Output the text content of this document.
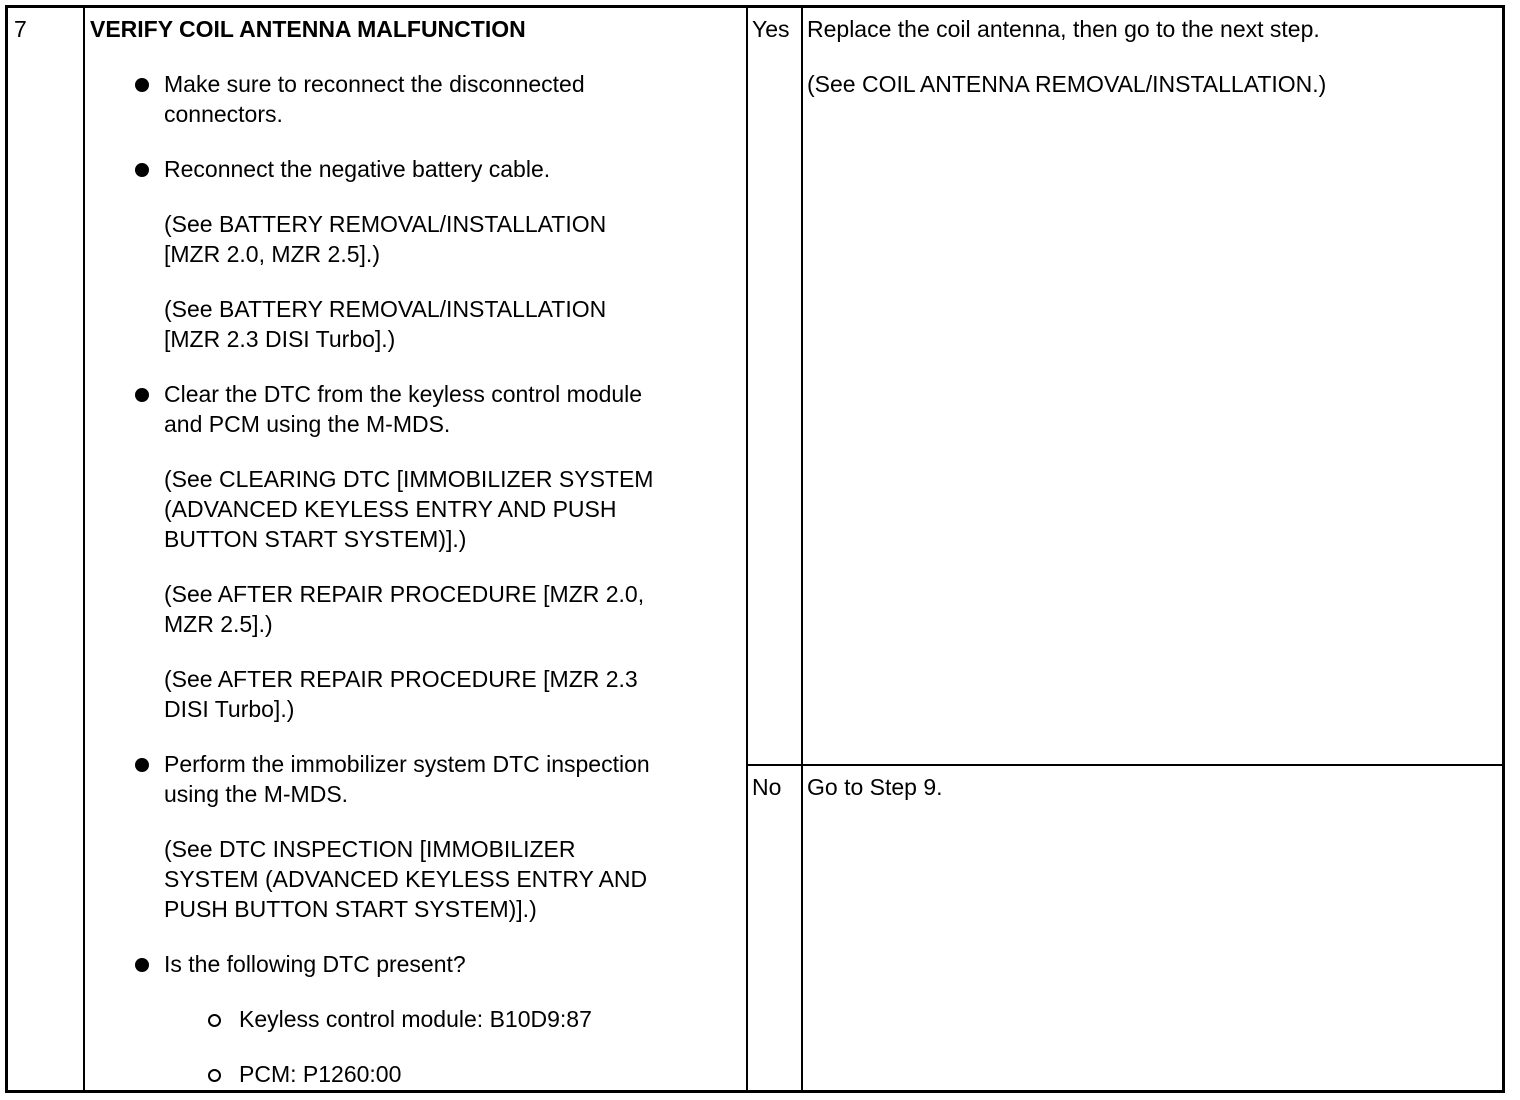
7	VERIFY COIL ANTENNA MALFUNCTION
Make sure to reconnect the disconnected
connectors.
Reconnect the negative battery cable.
(See BATTERY REMOVAL/INSTALLATION
[MZR 2.0, MZR 2.5].)
(See BATTERY REMOVAL/INSTALLATION
[MZR 2.3 DISI Turbo].)
Clear the DTC from the keyless control module
and PCM using the M-MDS.
(See CLEARING DTC [IMMOBILIZER SYSTEM
(ADVANCED KEYLESS ENTRY AND PUSH
BUTTON START SYSTEM)].)
(See AFTER REPAIR PROCEDURE [MZR 2.0,
MZR 2.5].)
(See AFTER REPAIR PROCEDURE [MZR 2.3
DISI Turbo].)
Perform the immobilizer system DTC inspection
using the M-MDS.
(See DTC INSPECTION [IMMOBILIZER
SYSTEM (ADVANCED KEYLESS ENTRY AND
PUSH BUTTON START SYSTEM)].)
Is the following DTC present?
Keyless control module: B10D9:87
PCM: P1260:00
Yes Replace the coil antenna, then go to the next step.
(See COIL ANTENNA REMOVAL/INSTALLATION.)
No Go to Step 9.
